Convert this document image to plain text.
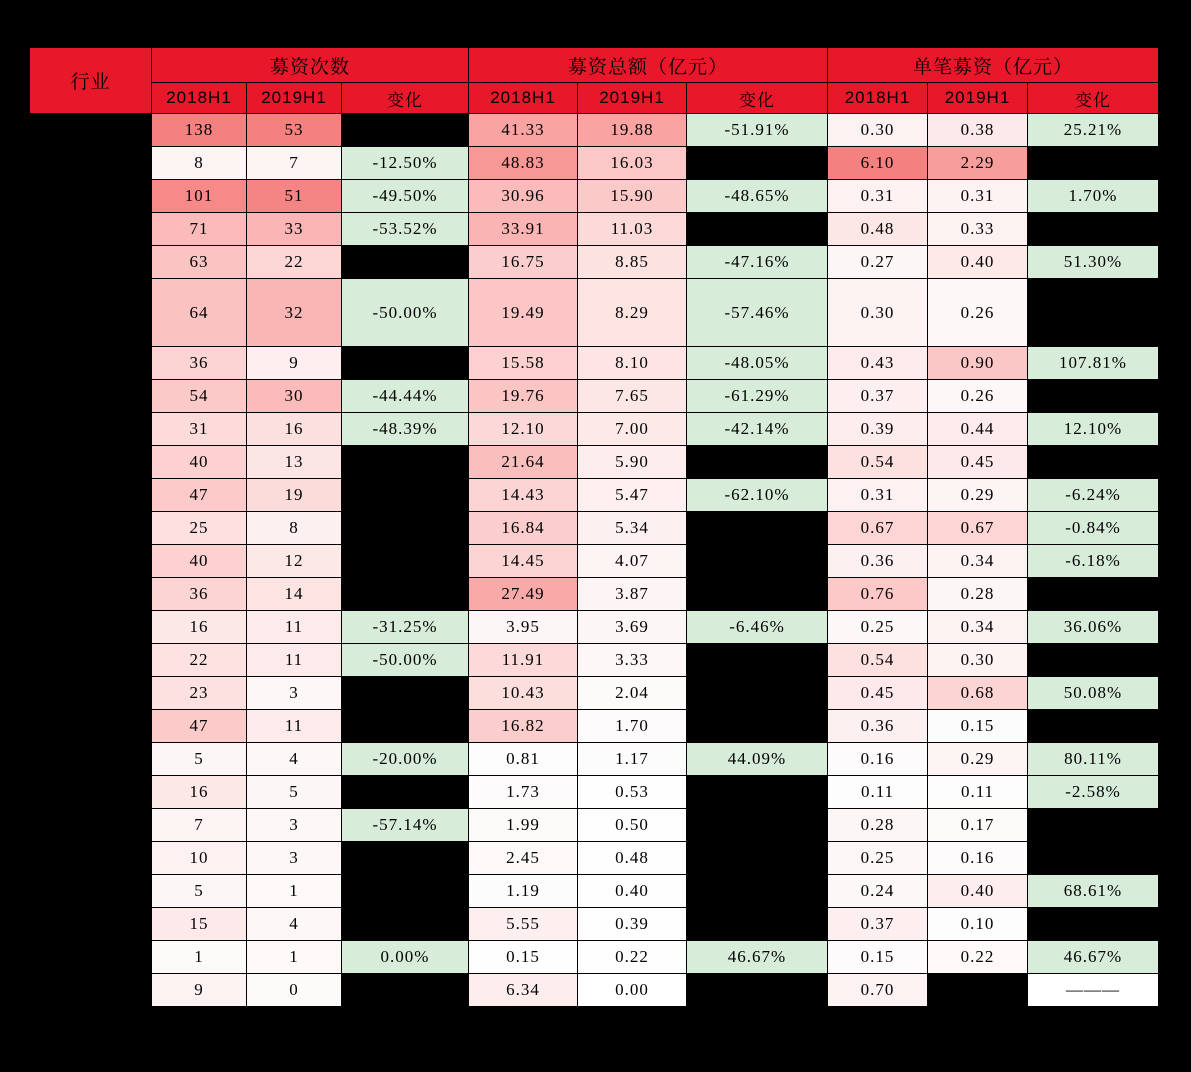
行业	募资次数			募资总额（亿元）			单笔募资（亿元）		
	2018H1	2019H1	变化	2018H1	2019H1	变化	2018H1	2019H1	变化
	138	53		41.33	19.88	-51.91%	0.30	0.38	25.21%
	8	7	-12.50%	48.83	16.03		6.10	2.29	
	101	51	-49.50%	30.96	15.90	-48.65%	0.31	0.31	1.70%
	71	33	-53.52%	33.91	11.03		0.48	0.33	
	63	22		16.75	8.85	-47.16%	0.27	0.40	51.30%
	64	32	-50.00%	19.49	8.29	-57.46%	0.30	0.26	
	36	9		15.58	8.10	-48.05%	0.43	0.90	107.81%
	54	30	-44.44%	19.76	7.65	-61.29%	0.37	0.26	
	31	16	-48.39%	12.10	7.00	-42.14%	0.39	0.44	12.10%
	40	13		21.64	5.90		0.54	0.45	
	47	19		14.43	5.47	-62.10%	0.31	0.29	-6.24%
	25	8		16.84	5.34		0.67	0.67	-0.84%
	40	12		14.45	4.07		0.36	0.34	-6.18%
	36	14		27.49	3.87		0.76	0.28	
	16	11	-31.25%	3.95	3.69	-6.46%	0.25	0.34	36.06%
	22	11	-50.00%	11.91	3.33		0.54	0.30	
	23	3		10.43	2.04		0.45	0.68	50.08%
	47	11		16.82	1.70		0.36	0.15	
	5	4	-20.00%	0.81	1.17	44.09%	0.16	0.29	80.11%
	16	5		1.73	0.53		0.11	0.11	-2.58%
	7	3	-57.14%	1.99	0.50		0.28	0.17	
	10	3		2.45	0.48		0.25	0.16	
	5	1		1.19	0.40		0.24	0.40	68.61%
	15	4		5.55	0.39		0.37	0.10	
	1	1	0.00%	0.15	0.22	46.67%	0.15	0.22	46.67%
	9	0		6.34	0.00		0.70		———
